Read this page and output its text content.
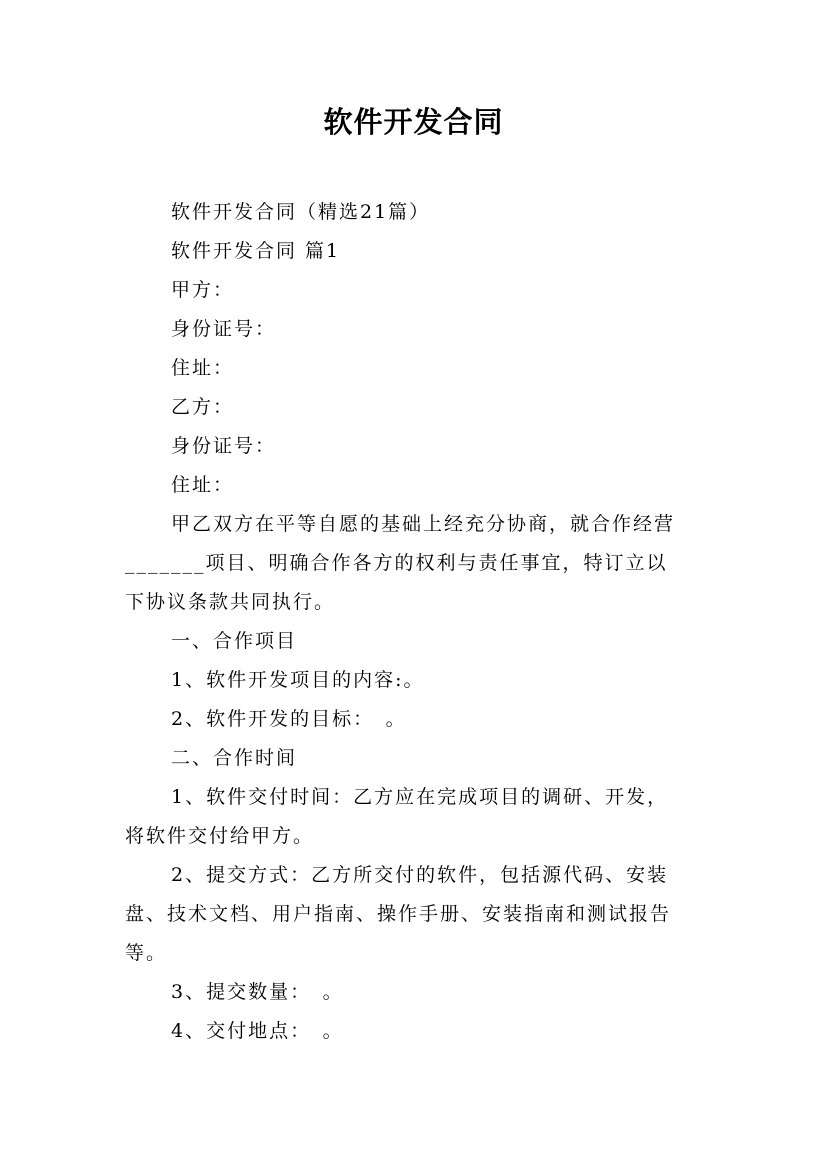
软件开发合同

软件开发合同（精选21篇）

软件开发合同 篇1

甲方：

身份证号：

住址：

乙方：

身份证号：

住址：

甲乙双方在平等自愿的基础上经充分协商，就合作经营

_______项目、明确合作各方的权利与责任事宜，特订立以

下协议条款共同执行。

一、合作项目

1、软件开发项目的内容:。

2、软件开发的目标：　。

二、合作时间

1、软件交付时间：乙方应在完成项目的调研、开发，

将软件交付给甲方。

2、提交方式：乙方所交付的软件，包括源代码、安装

盘、技术文档、用户指南、操作手册、安装指南和测试报告

等。

3、提交数量：　。

4、交付地点：　。
